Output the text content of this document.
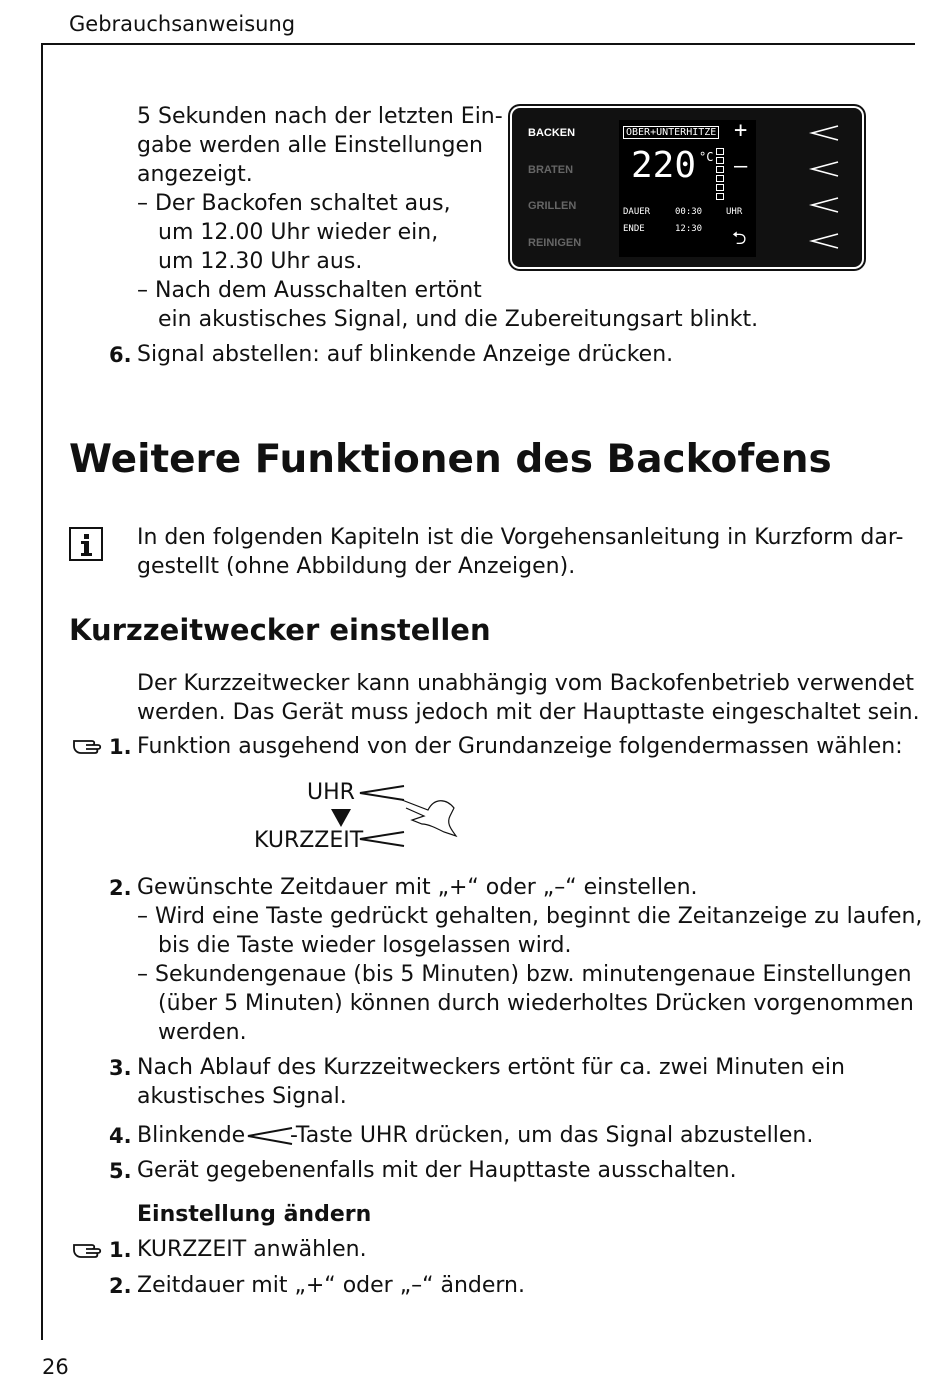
Gebrauchsanweisung
26
5 Sekunden nach der letzten Ein-
gabe werden alle Einstellungen
angezeigt.
– Der Backofen schaltet aus,
um 12.00 Uhr wieder ein,
um 12.30 Uhr aus.
– Nach dem Ausschalten ertönt
ein akustisches Signal, und die Zubereitungsart blinkt.
6. Signal abstellen: auf blinkende Anzeige drücken.
BACKEN
BRATEN
GRILLEN
REINIGEN
OBER+UNTERHITZE
220 °C
DAUER	00:30	UHR
ENDE	12:30
+
–
⮌
Weitere Funktionen des Backofens
In den folgenden Kapiteln ist die Vorgehensanleitung in Kurzform dar-
gestellt (ohne Abbildung der Anzeigen).
Kurzzeitwecker einstellen
Der Kurzzeitwecker kann unabhängig vom Backofenbetrieb verwendet
werden. Das Gerät muss jedoch mit der Haupttaste eingeschaltet sein.
1. Funktion ausgehend von der Grundanzeige folgendermassen wählen:
UHR
KURZZEIT
2. Gewünschte Zeitdauer mit „+“ oder „–“ einstellen.
– Wird eine Taste gedrückt gehalten, beginnt die Zeitanzeige zu laufen,
bis die Taste wieder losgelassen wird.
– Sekundengenaue (bis 5 Minuten) bzw. minutengenaue Einstellungen
(über 5 Minuten) können durch wiederholtes Drücken vorgenommen
werden.
3. Nach Ablauf des Kurzzeitweckers ertönt für ca. zwei Minuten ein
akustisches Signal.
4. Blinkende -Taste UHR drücken, um das Signal abzustellen.
5. Gerät gegebenenfalls mit der Haupttaste ausschalten.
Einstellung ändern
1. KURZZEIT anwählen.
2. Zeitdauer mit „+“ oder „–“ ändern.
